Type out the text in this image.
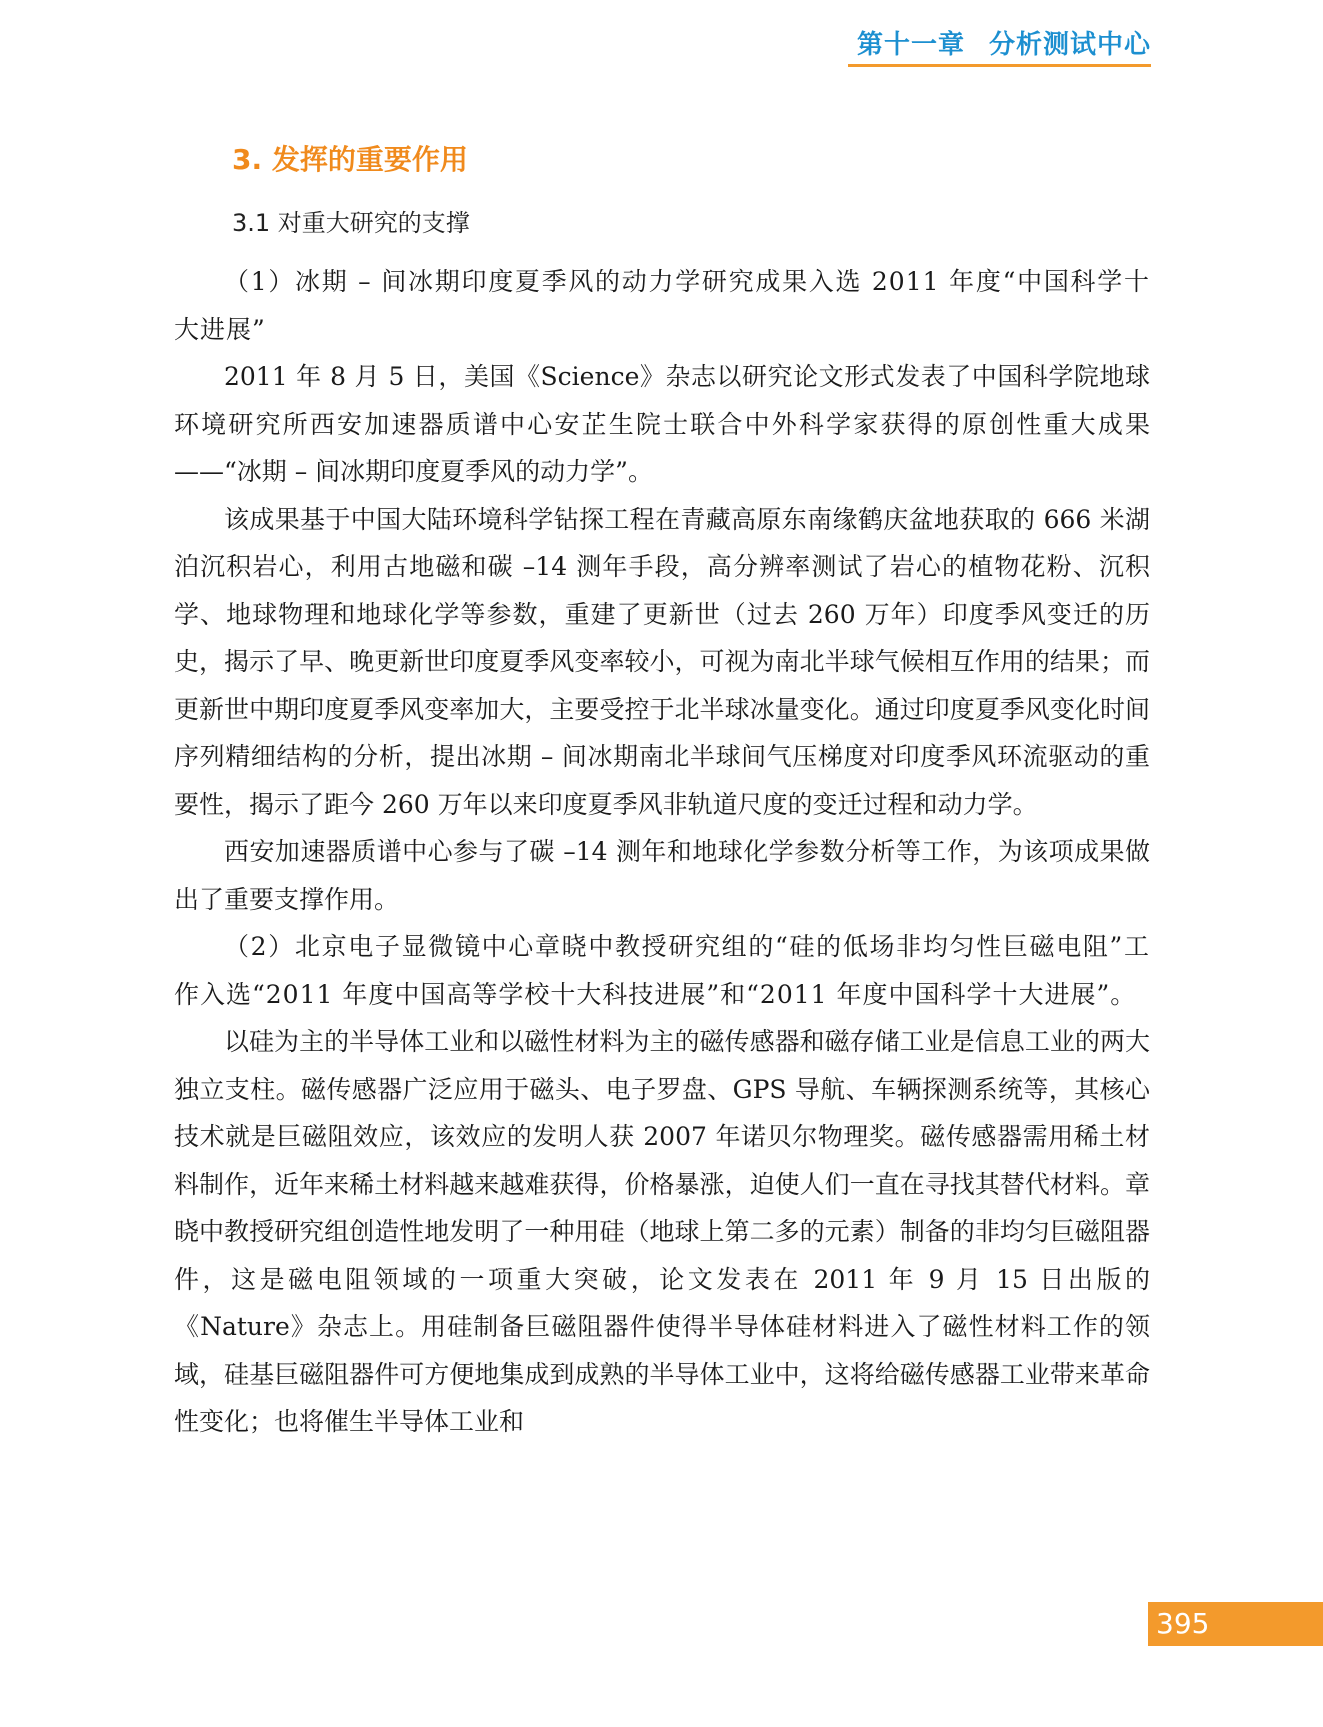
第十一章 分析测试中心
3. 发挥的重要作用
3.1 对重大研究的支撑

（1）冰期 – 间冰期印度夏季风的动力学研究成果入选 2011 年度“中国科学十大进展”

2011 年 8 月 5 日，美国《Science》杂志以研究论文形式发表了中国科学院地球环境研究所西安加速器质谱中心安芷生院士联合中外科学家获得的原创性重大成果——“冰期 – 间冰期印度夏季风的动力学”。

该成果基于中国大陆环境科学钻探工程在青藏高原东南缘鹤庆盆地获取的 666 米湖泊沉积岩心，利用古地磁和碳 –14 测年手段，高分辨率测试了岩心的植物花粉、沉积学、地球物理和地球化学等参数，重建了更新世（过去 260 万年）印度季风变迁的历史，揭示了早、晚更新世印度夏季风变率较小，可视为南北半球气候相互作用的结果；而更新世中期印度夏季风变率加大，主要受控于北半球冰量变化。通过印度夏季风变化时间序列精细结构的分析，提出冰期 – 间冰期南北半球间气压梯度对印度季风环流驱动的重要性，揭示了距今 260 万年以来印度夏季风非轨道尺度的变迁过程和动力学。

西安加速器质谱中心参与了碳 –14 测年和地球化学参数分析等工作，为该项成果做出了重要支撑作用。

（2）北京电子显微镜中心章晓中教授研究组的“硅的低场非均匀性巨磁电阻”工作入选“2011 年度中国高等学校十大科技进展”和“2011 年度中国科学十大进展”。

以硅为主的半导体工业和以磁性材料为主的磁传感器和磁存储工业是信息工业的两大独立支柱。磁传感器广泛应用于磁头、电子罗盘、GPS 导航、车辆探测系统等，其核心技术就是巨磁阻效应，该效应的发明人获 2007 年诺贝尔物理奖。磁传感器需用稀土材料制作，近年来稀土材料越来越难获得，价格暴涨，迫使人们一直在寻找其替代材料。章晓中教授研究组创造性地发明了一种用硅（地球上第二多的元素）制备的非均匀巨磁阻器件，这是磁电阻领域的一项重大突破，论文发表在 2011 年 9 月 15 日出版的《Nature》杂志上。用硅制备巨磁阻器件使得半导体硅材料进入了磁性材料工作的领域，硅基巨磁阻器件可方便地集成到成熟的半导体工业中，这将给磁传感器工业带来革命性变化；也将催生半导体工业和

395
